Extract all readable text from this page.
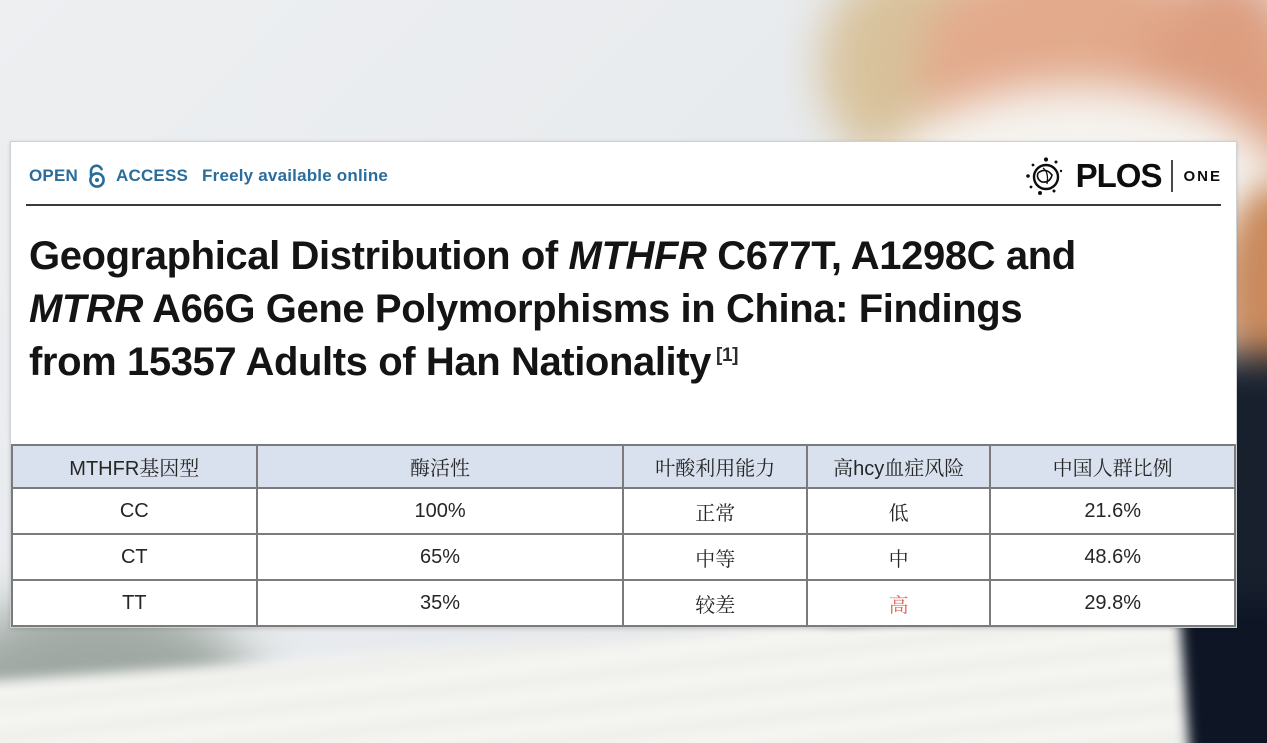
OPEN ACCESS Freely available online	PLOS ONE
Geographical Distribution of MTHFR C677T, A1298C and
MTRR A66G Gene Polymorphisms in China: Findings
from 15357 Adults of Han Nationality [1]
MTHFR基因型	酶活性	叶酸利用能力	高hcy血症风险	中国人群比例
CC	100%	正常	低	21.6%
CT	65%	中等	中	48.6%
TT	35%	较差	高	29.8%
